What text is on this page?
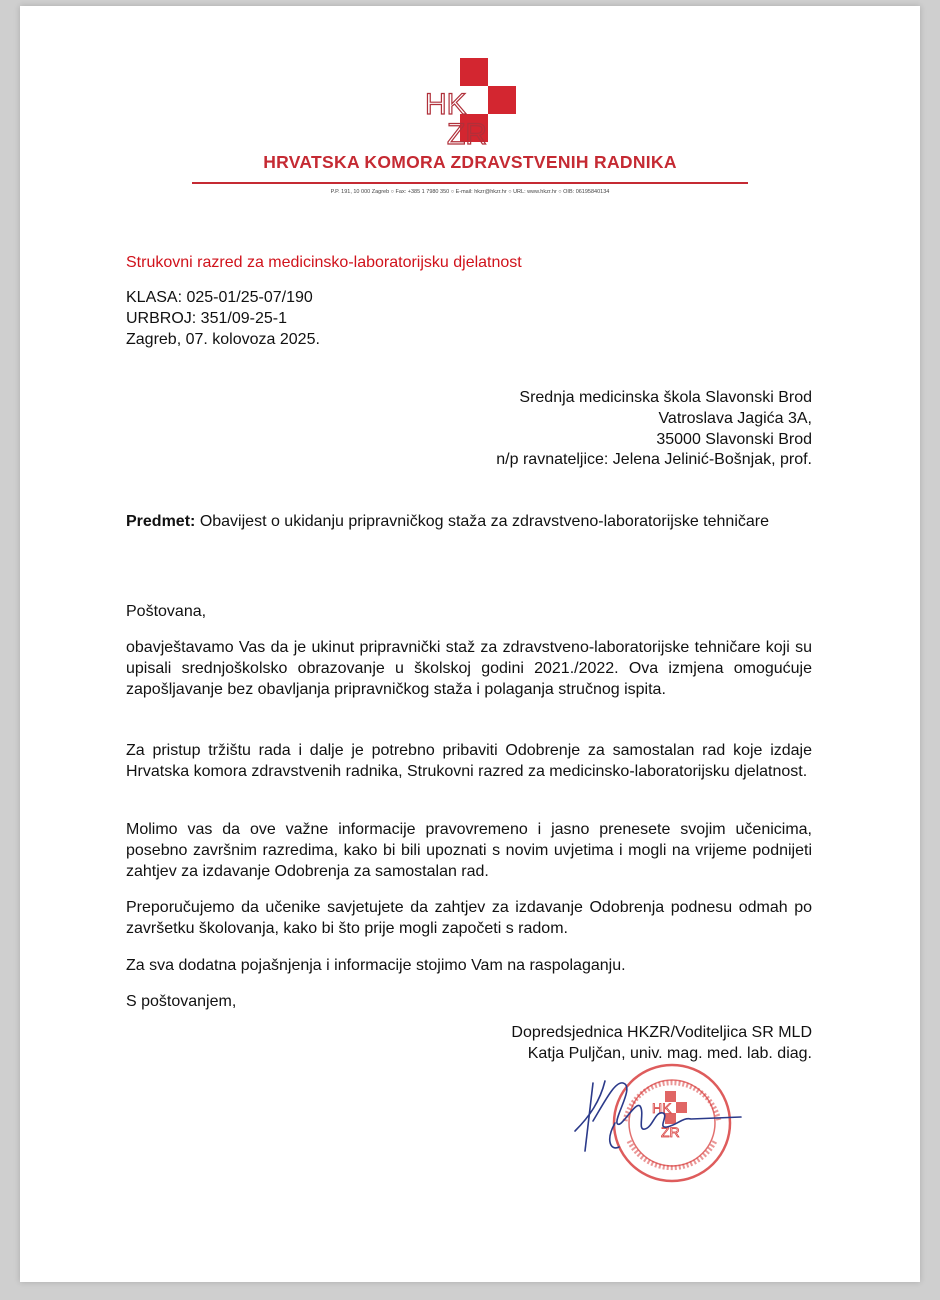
HK
ZR
HRVATSKA KOMORA ZDRAVSTVENIH RADNIKA
P.P. 191, 10 000 Zagreb ○ Fax: +385 1 7980 350 ○ E-mail: hkzr@hkzr.hr ○ URL: www.hkzr.hr ○ OIB: 06195840134
Strukovni razred za medicinsko-laboratorijsku djelatnost
KLASA: 025-01/25-07/190
URBROJ: 351/09-25-1
Zagreb, 07. kolovoza 2025.
Srednja medicinska škola Slavonski Brod
Vatroslava Jagića 3A,
35000 Slavonski Brod
n/p ravnateljice: Jelena Jelinić-Bošnjak, prof.
Predmet: Obavijest o ukidanju pripravničkog staža za zdravstveno-laboratorijske tehničare
Poštovana,
obavještavamo Vas da je ukinut pripravnički staž za zdravstveno-laboratorijske tehničare koji su upisali srednjoškolsko obrazovanje u školskoj godini 2021./2022. Ova izmjena omogućuje zapošljavanje bez obavljanja pripravničkog staža i polaganja stručnog ispita.
Za pristup tržištu rada i dalje je potrebno pribaviti Odobrenje za samostalan rad koje izdaje Hrvatska komora zdravstvenih radnika, Strukovni razred za medicinsko-laboratorijsku djelatnost.
Molimo vas da ove važne informacije pravovremeno i jasno prenesete svojim učenicima, posebno završnim razredima, kako bi bili upoznati s novim uvjetima i mogli na vrijeme podnijeti zahtjev za izdavanje Odobrenja za samostalan rad.
Preporučujemo da učenike savjetujete da zahtjev za izdavanje Odobrenja podnesu odmah po završetku školovanja, kako bi što prije mogli započeti s radom.
Za sva dodatna pojašnjenja i informacije stojimo Vam na raspolaganju.
S poštovanjem,
Dopredsjednica HKZR/Voditeljica SR MLD
Katja Puljčan, univ. mag. med. lab. diag.
HK
ZR
